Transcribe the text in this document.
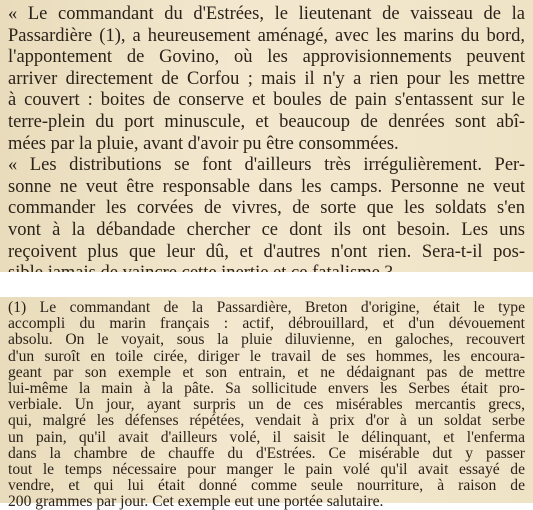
« Le commandant du d'Estrées, le lieutenant de vaisseau de la
Passardière (1), a heureusement aménagé, avec les marins du bord,
l'appontement de Govino, où les approvisionnements peuvent
arriver directement de Corfou ; mais il n'y a rien pour les mettre
à couvert : boites de conserve et boules de pain s'entassent sur le
terre-plein du port minuscule, et beaucoup de denrées sont abî-
mées par la pluie, avant d'avoir pu être consommées.
« Les distributions se font d'ailleurs très irrégulièrement. Per-
sonne ne veut être responsable dans les camps. Personne ne veut
commander les corvées de vivres, de sorte que les soldats s'en
vont à la débandade chercher ce dont ils ont besoin. Les uns
reçoivent plus que leur dû, et d'autres n'ont rien. Sera-t-il pos-
(1) Le commandant de la Passardière, Breton d'origine, était le type
accompli du marin français : actif, débrouillard, et d'un dévouement
absolu. On le voyait, sous la pluie diluvienne, en galoches, recouvert
d'un suroît en toile cirée, diriger le travail de ses hommes, les encoura-
geant par son exemple et son entrain, et ne dédaignant pas de mettre
lui-même la main à la pâte. Sa sollicitude envers les Serbes était pro-
verbiale. Un jour, ayant surpris un de ces misérables mercantis grecs,
qui, malgré les défenses répétées, vendait à prix d'or à un soldat serbe
un pain, qu'il avait d'ailleurs volé, il saisit le délinquant, et l'enferma
dans la chambre de chauffe du d'Estrées. Ce misérable dut y passer
tout le temps nécessaire pour manger le pain volé qu'il avait essayé de
vendre, et qui lui était donné comme seule nourriture, à raison de
200 grammes par jour. Cet exemple eut une portée salutaire.
